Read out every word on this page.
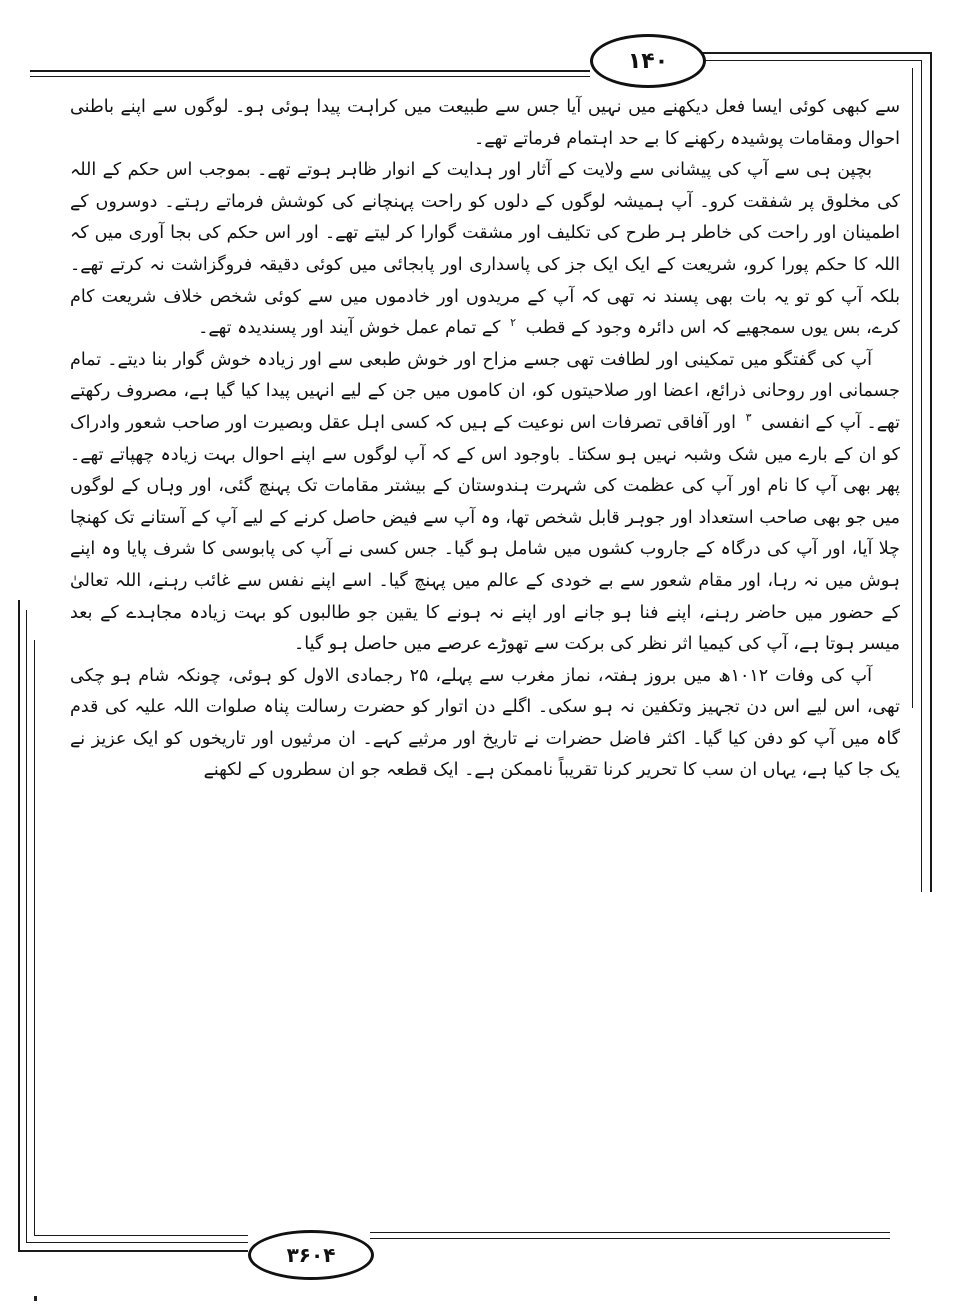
۱۴۰
۳۶۰۴

سے کبھی کوئی ایسا فعل دیکھنے میں نہیں آیا جس سے طبیعت میں کراہت پیدا ہوئی ہو۔ لوگوں سے اپنے باطنی احوال ومقامات پوشیدہ رکھنے کا بے حد اہتمام فرماتے تھے۔

بچپن ہی سے آپ کی پیشانی سے ولایت کے آثار اور ہدایت کے انوار ظاہر ہوتے تھے۔ بموجب اس حکم کے اللہ کی مخلوق پر شفقت کرو۔ آپ ہمیشہ لوگوں کے دلوں کو راحت پہنچانے کی کوشش فرماتے رہتے۔ دوسروں کے اطمینان اور راحت کی خاطر ہر طرح کی تکلیف اور مشقت گوارا کر لیتے تھے۔ اور اس حکم کی بجا آوری میں کہ اللہ کا حکم پورا کرو، شریعت کے ایک ایک جز کی پاسداری اور پابجائی میں کوئی دقیقہ فروگزاشت نہ کرتے تھے۔ بلکہ آپ کو تو یہ بات بھی پسند نہ تھی کہ آپ کے مریدوں اور خادموں میں سے کوئی شخص خلاف شریعت کام کرے، بس یوں سمجھیے کہ اس دائرہ وجود کے قطب $^۲$ کے تمام عمل خوش آیند اور پسندیدہ تھے۔

آپ کی گفتگو میں تمکینی اور لطافت تھی جسے مزاح اور خوش طبعی سے اور زیادہ خوش گوار بنا دیتے۔ تمام جسمانی اور روحانی ذرائع، اعضا اور صلاحیتوں کو، ان کاموں میں جن کے لیے انہیں پیدا کیا گیا ہے، مصروف رکھتے تھے۔ آپ کے انفسی $^۳$ اور آفاقی تصرفات اس نوعیت کے ہیں کہ کسی اہل عقل وبصیرت اور صاحب شعور وادراک کو ان کے بارے میں شک وشبہ نہیں ہو سکتا۔ باوجود اس کے کہ آپ لوگوں سے اپنے احوال بہت زیادہ چھپاتے تھے۔ پھر بھی آپ کا نام اور آپ کی عظمت کی شہرت ہندوستان کے بیشتر مقامات تک پہنچ گئی، اور وہاں کے لوگوں میں جو بھی صاحب استعداد اور جوہر قابل شخص تھا، وہ آپ سے فیض حاصل کرنے کے لیے آپ کے آستانے تک کھنچا چلا آیا، اور آپ کی درگاہ کے جاروب کشوں میں شامل ہو گیا۔ جس کسی نے آپ کی پابوسی کا شرف پایا وہ اپنے ہوش میں نہ رہا، اور مقام شعور سے بے خودی کے عالم میں پہنچ گیا۔ اسے اپنے نفس سے غائب رہنے، اللہ تعالیٰ کے حضور میں حاضر رہنے، اپنے فنا ہو جانے اور اپنے نہ ہونے کا یقین جو طالبوں کو بہت زیادہ مجاہدے کے بعد میسر ہوتا ہے، آپ کی کیمیا اثر نظر کی برکت سے تھوڑے عرصے میں حاصل ہو گیا۔

آپ کی وفات ۱۰۱۲ھ میں بروز ہفتہ، نماز مغرب سے پہلے، ۲۵ رجمادی الاول کو ہوئی، چونکہ شام ہو چکی تھی، اس لیے اس دن تجہیز وتکفین نہ ہو سکی۔ اگلے دن اتوار کو حضرت رسالت پناہ صلوات اللہ علیہ کی قدم گاہ میں آپ کو دفن کیا گیا۔ اکثر فاضل حضرات نے تاریخ اور مرثیے کہے۔ ان مرثیوں اور تاریخوں کو ایک عزیز نے یک جا کیا ہے، یہاں ان سب کا تحریر کرنا تقریباً ناممکن ہے۔ ایک قطعہ جو ان سطروں کے لکھنے
